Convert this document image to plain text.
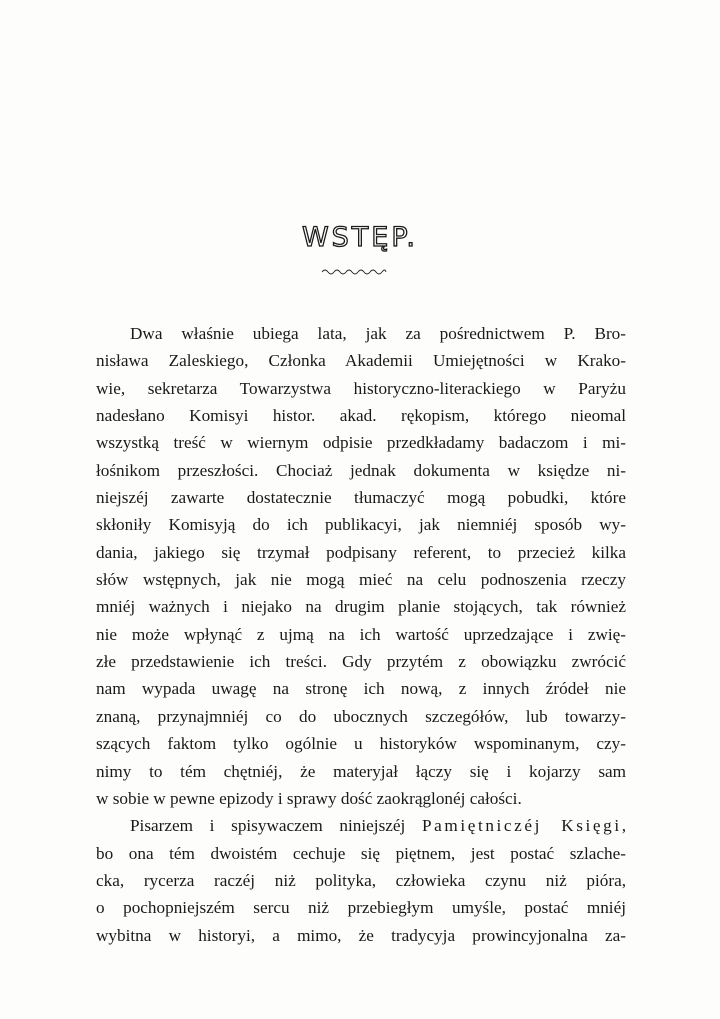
WSTĘP.
Dwa właśnie ubiega lata, jak za pośrednictwem P. Bro-
nisława Zaleskiego, Członka Akademii Umiejętności w Krako-
wie, sekretarza Towarzystwa historyczno-literackiego w Paryżu
nadesłano Komisyi histor. akad. rękopism, którego nieomal
wszystką treść w wiernym odpisie przedkładamy badaczom i mi-
łośnikom przeszłości. Chociaż jednak dokumenta w księdze ni-
niejszéj zawarte dostatecznie tłumaczyć mogą pobudki, które
skłoniły Komisyją do ich publikacyi, jak niemniéj sposób wy-
dania, jakiego się trzymał podpisany referent, to przecież kilka
słów wstępnych, jak nie mogą mieć na celu podnoszenia rzeczy
mniéj ważnych i niejako na drugim planie stojących, tak również
nie może wpłynąć z ujmą na ich wartość uprzedzające i zwię-
złe przedstawienie ich treści. Gdy przytém z obowiązku zwrócić
nam wypada uwagę na stronę ich nową, z innych źródeł nie
znaną, przynajmniéj co do ubocznych szczegółów, lub towarzy-
szących faktom tylko ogólnie u historyków wspominanym, czy-
nimy to tém chętniéj, że materyjał łączy się i kojarzy sam
w sobie w pewne epizody i sprawy dość zaokrąglonéj całości.
Pisarzem i spisywaczem niniejszéj Pamiętniczéj Księgi,
bo ona tém dwoistém cechuje się piętnem, jest postać szlache-
cka, rycerza raczéj niż polityka, człowieka czynu niż pióra,
o pochopniejszém sercu niż przebiegłym umyśle, postać mniéj
wybitna w historyi, a mimo, że tradycyja prowincyjonalna za-
